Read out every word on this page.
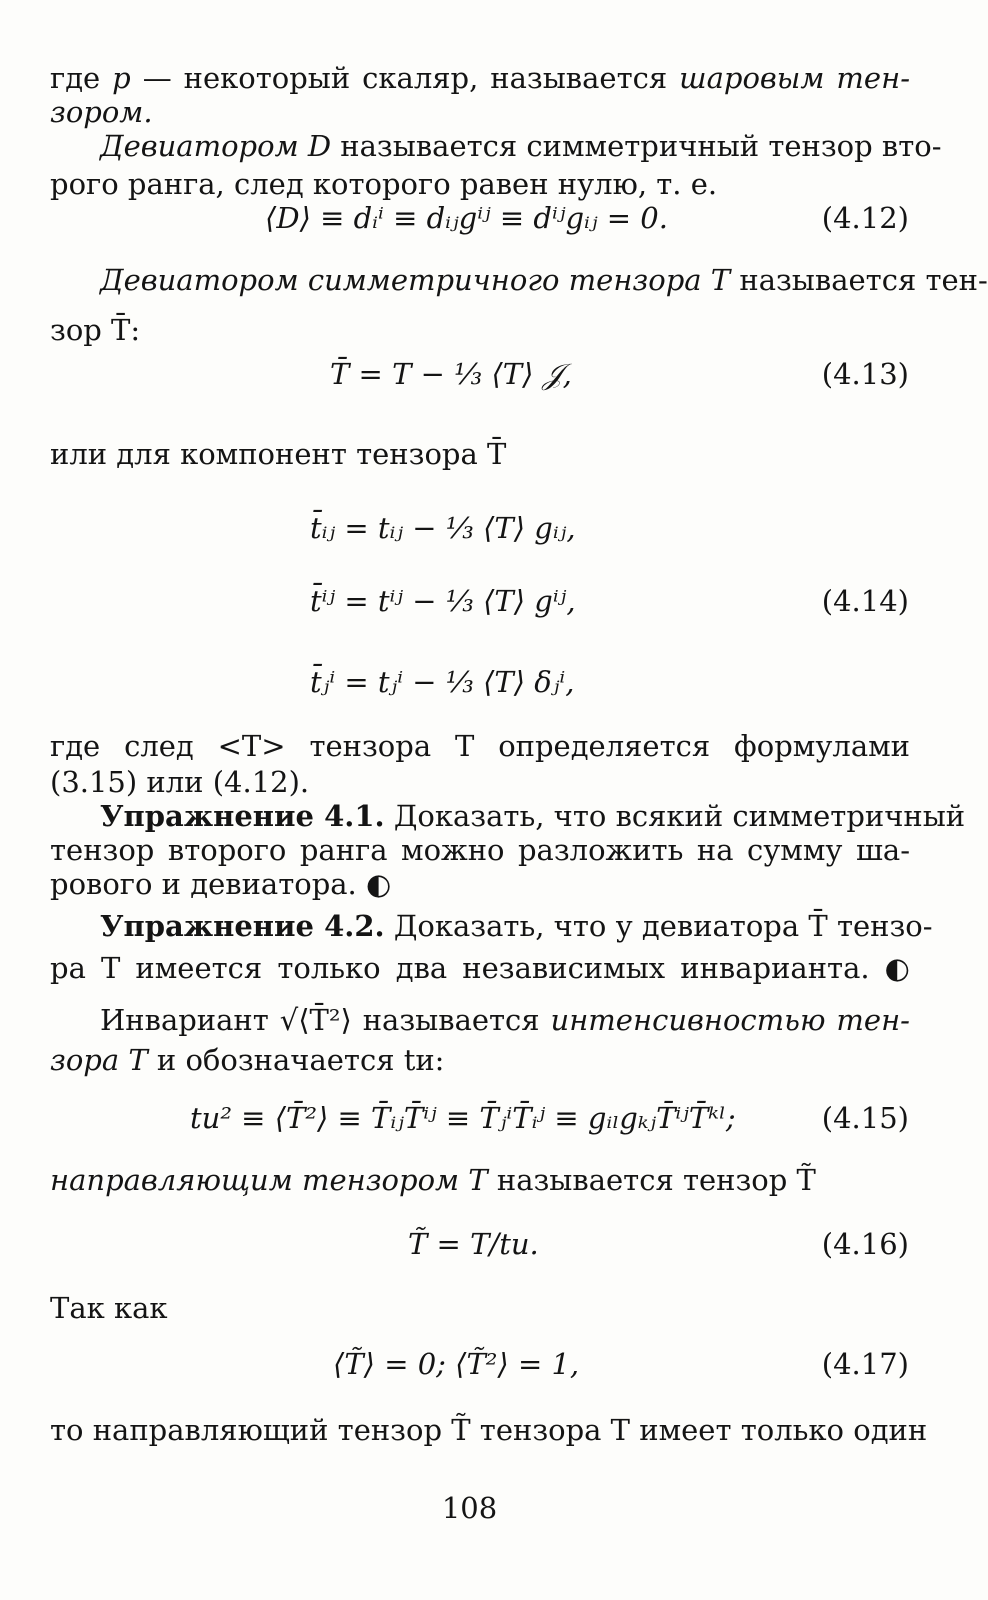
где p — некоторый скаляр, называется шаровым тен-
зором.
Девиатором D называется симметричный тензор вто-
рого ранга, след которого равен нулю, т. е.
⟨D⟩ ≡ dᵢⁱ ≡ dᵢⱼgⁱʲ ≡ dⁱʲgᵢⱼ = 0.	(4.12)
Девиатором симметричного тензора T называется тен-
зор T̄:
T̄ = T − ⅓ ⟨T⟩ 𝒥,	(4.13)
или для компонент тензора T̄
t̄ᵢⱼ = tᵢⱼ − ⅓ ⟨T⟩ gᵢⱼ,
t̄ⁱʲ = tⁱʲ − ⅓ ⟨T⟩ gⁱʲ,	(4.14)
t̄ⱼⁱ = tⱼⁱ − ⅓ ⟨T⟩ δⱼⁱ,
где след <T> тензора T определяется формулами
(3.15) или (4.12).
Упражнение 4.1. Доказать, что всякий симметричный
тензор второго ранга можно разложить на сумму ша-
рового и девиатора. ◐
Упражнение 4.2. Доказать, что у девиатора T̄ тензо-
ра T имеется только два независимых инварианта. ◐
Инвариант √⟨T̄²⟩ называется интенсивностью тен-
зора T и обозначается tи:
tи² ≡ ⟨T̄²⟩ ≡ T̄ᵢⱼT̄ⁱʲ ≡ T̄ⱼⁱT̄ᵢʲ ≡ gᵢₗgₖⱼT̄ⁱʲT̄ᵏˡ;	(4.15)
направляющим тензором T называется тензор T̃
T̃ = T/tи.	(4.16)
Так как
⟨T̃⟩ = 0; ⟨T̃²⟩ = 1,	(4.17)
то направляющий тензор T̃ тензора T имеет только один
108
